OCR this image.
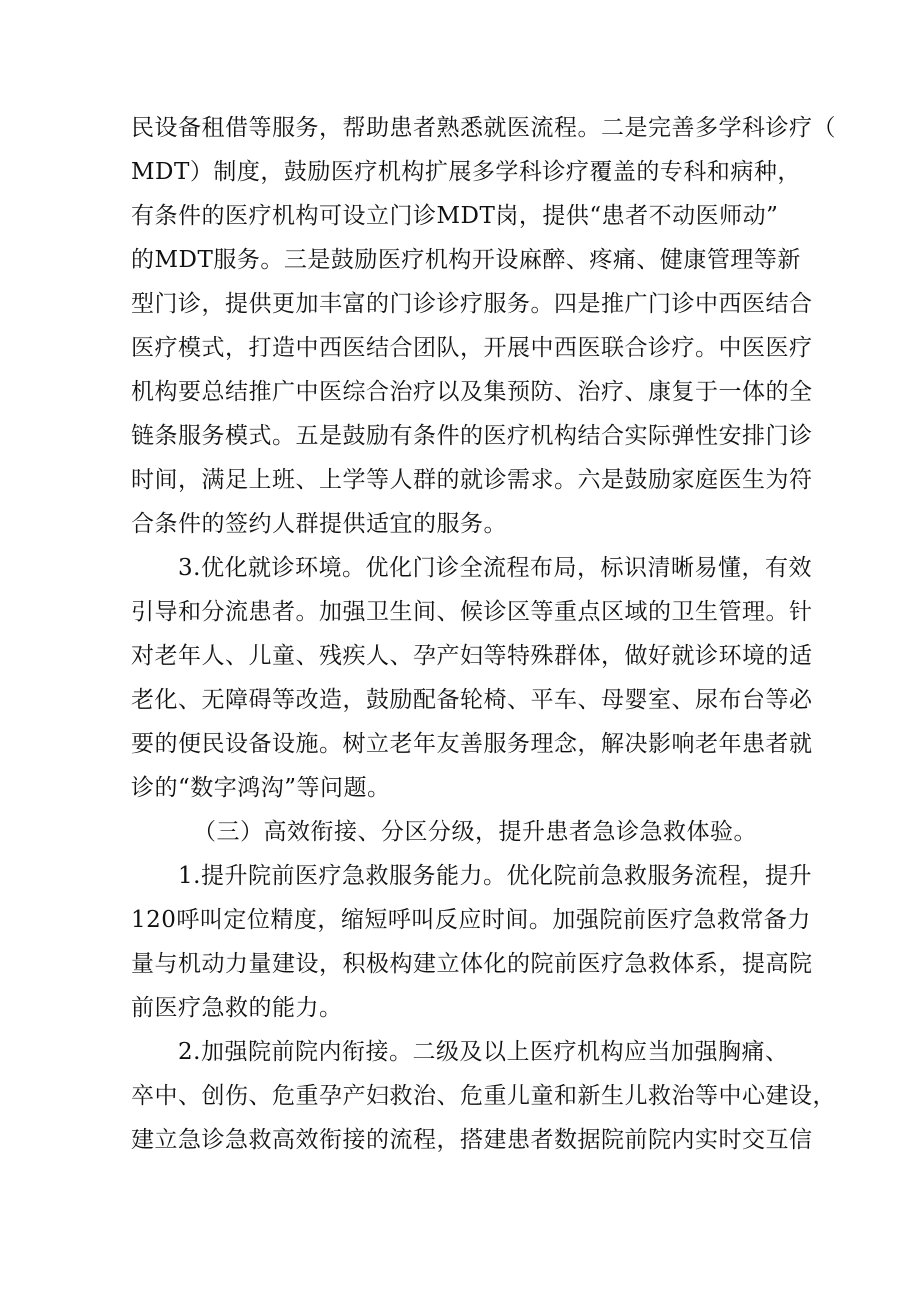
民设备租借等服务，帮助患者熟悉就医流程。二是完善多学科诊疗（
MDT）制度，鼓励医疗机构扩展多学科诊疗覆盖的专科和病种，
有条件的医疗机构可设立门诊MDT岗，提供“患者不动医师动”
的MDT服务。三是鼓励医疗机构开设麻醉、疼痛、健康管理等新
型门诊，提供更加丰富的门诊诊疗服务。四是推广门诊中西医结合
医疗模式，打造中西医结合团队，开展中西医联合诊疗。中医医疗
机构要总结推广中医综合治疗以及集预防、治疗、康复于一体的全
链条服务模式。五是鼓励有条件的医疗机构结合实际弹性安排门诊
时间，满足上班、上学等人群的就诊需求。六是鼓励家庭医生为符
合条件的签约人群提供适宜的服务。
3.优化就诊环境。优化门诊全流程布局，标识清晰易懂，有效
引导和分流患者。加强卫生间、候诊区等重点区域的卫生管理。针
对老年人、儿童、残疾人、孕产妇等特殊群体，做好就诊环境的适
老化、无障碍等改造，鼓励配备轮椅、平车、母婴室、尿布台等必
要的便民设备设施。树立老年友善服务理念，解决影响老年患者就
诊的“数字鸿沟”等问题。
（三）高效衔接、分区分级，提升患者急诊急救体验。
1.提升院前医疗急救服务能力。优化院前急救服务流程，提升
120呼叫定位精度，缩短呼叫反应时间。加强院前医疗急救常备力
量与机动力量建设，积极构建立体化的院前医疗急救体系，提高院
前医疗急救的能力。
2.加强院前院内衔接。二级及以上医疗机构应当加强胸痛、
卒中、创伤、危重孕产妇救治、危重儿童和新生儿救治等中心建设，
建立急诊急救高效衔接的流程，搭建患者数据院前院内实时交互信
